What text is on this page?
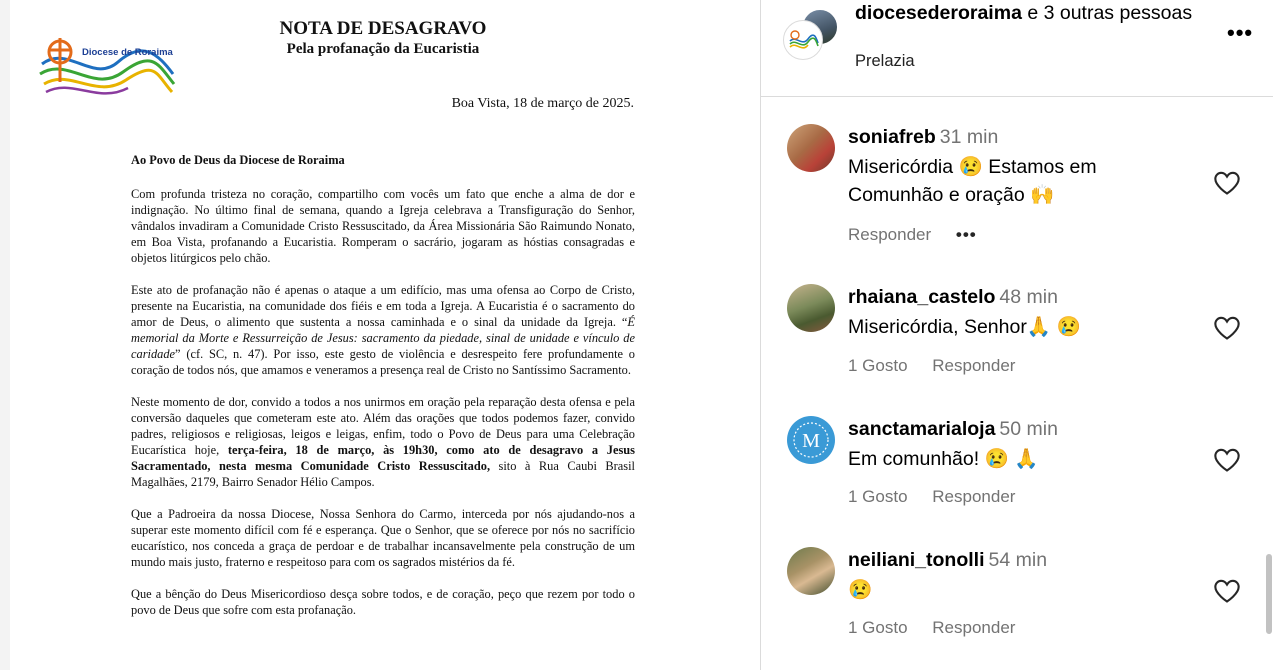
Diocese de Roraima
NOTA DE DESAGRAVO
Pela profanação da Eucaristia
Boa Vista, 18 de março de 2025.

Ao Povo de Deus da Diocese de Roraima

Com profunda tristeza no coração, compartilho com vocês um fato que enche a alma de dor e indignação. No último final de semana, quando a Igreja celebrava a Transfiguração do Senhor, vândalos invadiram a Comunidade Cristo Ressuscitado, da Área Missionária São Raimundo Nonato, em Boa Vista, profanando a Eucaristia. Romperam o sacrário, jogaram as hóstias consagradas e objetos litúrgicos pelo chão.

Este ato de profanação não é apenas o ataque a um edifício, mas uma ofensa ao Corpo de Cristo, presente na Eucaristia, na comunidade dos fiéis e em toda a Igreja. A Eucaristia é o sacramento do amor de Deus, o alimento que sustenta a nossa caminhada e o sinal da unidade da Igreja. “É memorial da Morte e Ressurreição de Jesus: sacramento da piedade, sinal de unidade e vínculo de caridade” (cf. SC, n. 47). Por isso, este gesto de violência e desrespeito fere profundamente o coração de todos nós, que amamos e veneramos a presença real de Cristo no Santíssimo Sacramento.

Neste momento de dor, convido a todos a nos unirmos em oração pela reparação desta ofensa e pela conversão daqueles que cometeram este ato. Além das orações que todos podemos fazer, convido padres, religiosos e religiosas, leigos e leigas, enfim, todo o Povo de Deus para uma Celebração Eucarística hoje, terça-feira, 18 de março, às 19h30, como ato de desagravo a Jesus Sacramentado, nesta mesma Comunidade Cristo Ressuscitado, sito à Rua Caubi Brasil Magalhães, 2179, Bairro Senador Hélio Campos.

Que a Padroeira da nossa Diocese, Nossa Senhora do Carmo, interceda por nós ajudando-nos a superar este momento difícil com fé e esperança. Que o Senhor, que se oferece por nós no sacrifício eucarístico, nos conceda a graça de perdoar e de trabalhar incansavelmente pela construção de um mundo mais justo, fraterno e respeitoso para com os sagrados mistérios da fé.

Que a bênção do Deus Misericordioso desça sobre todos, e de coração, peço que rezem por todo o povo de Deus que sofre com esta profanação.

diocesederoraima e 3 outras pessoas
Prelazia
•••
soniafreb 31 min
Misericórdia 😢 Estamos em Comunhão e oração 🙌
Responder •••
rhaiana_castelo 48 min
Misericórdia, Senhor🙏 😢
1 Gosto Responder
M
sanctamarialoja 50 min
Em comunhão! 😢 🙏
1 Gosto Responder
neiliani_tonolli 54 min
😢
1 Gosto Responder
